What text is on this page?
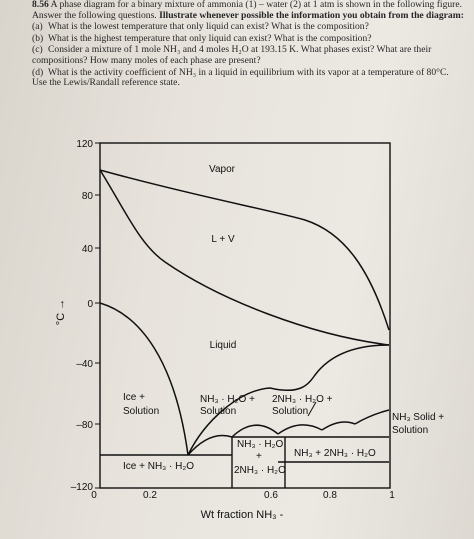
8.56 A phase diagram for a binary mixture of ammonia (1) – water (2) at 1 atm is shown in the following figure. Answer the following questions. Illustrate whenever possible the information you obtain from the diagram:

(a) What is the lowest temperature that only liquid can exist? What is the composition?

(b) What is the highest temperature that only liquid can exist? What is the composition?

(c) Consider a mixture of 1 mole NH₃ and 4 moles H₂O at 193.15 K. What phases exist? What are their compositions? How many moles of each phase are present?

(d) What is the activity coefficient of NH₃ in a liquid in equilibrium with its vapor at a temperature of 80°C. Use the Lewis/Randall reference state.

120
80
40
0
–40
–80
–120
0	0.2	0.6	0.8	1
°C →
Wt fraction NH₃ -
Vapor
L + V
Liquid
Ice +
Solution
NH₃ · H₂O +
Solution
2NH₃ · H₂O +
Solution
NH₃ Solid +
Solution
Ice + NH₃ · H₂O
NH₃ · H₂O
+
2NH₃ · H₂O
NH₃ + 2NH₃ · H₂O
